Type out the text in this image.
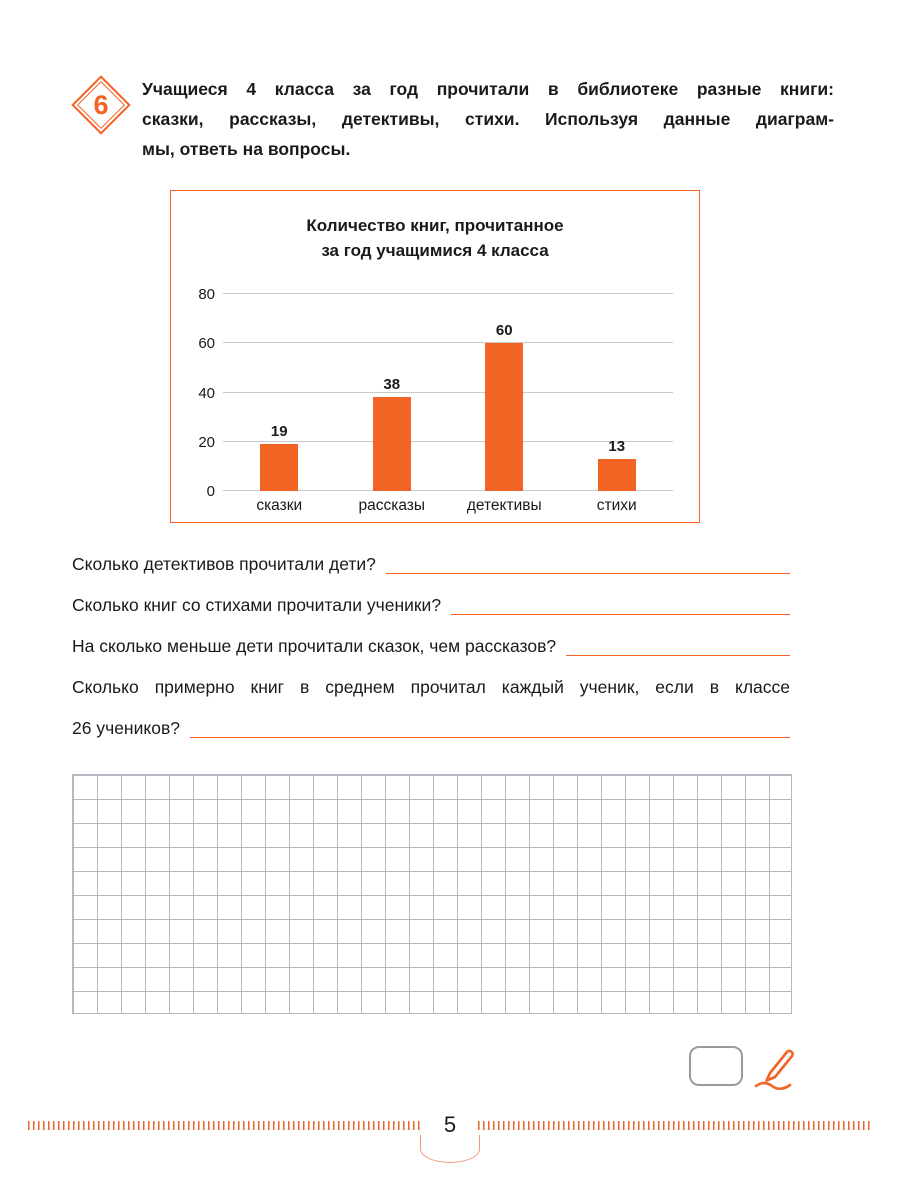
6
Учащиеся 4 класса за год прочитали в библиотеке разные книги:
сказки, рассказы, детективы, стихи. Используя данные диаграм-
мы, ответь на вопросы.
Количество книг, прочитанное
за год учащимися 4 класса
0
20
40
60
80
19
сказки
38
рассказы
60
детективы
13
стихи
Сколько детективов прочитали дети?
Сколько книг со стихами прочитали ученики?
На сколько меньше дети прочитали сказок, чем рассказов?
Сколько примерно книг в среднем прочитал каждый ученик, если в классе
26 учеников?
5
